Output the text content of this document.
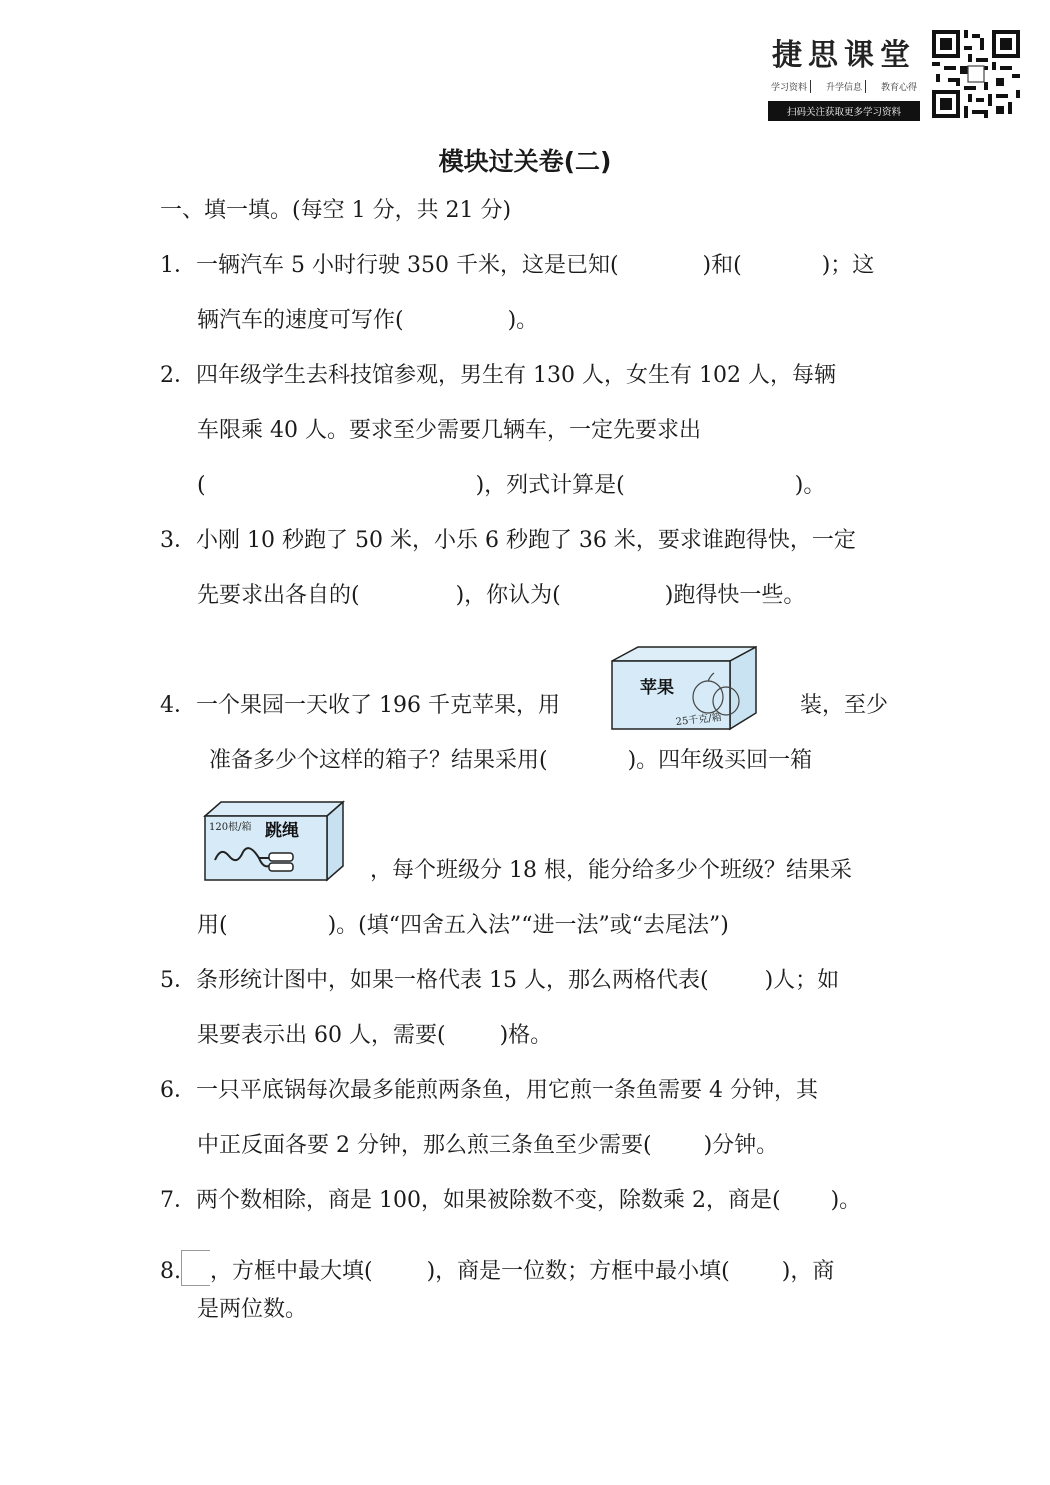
捷思课堂
学习资料	升学信息	教育心得
扫码关注获取更多学习资料
模块过关卷(二)
一、填一填。(每空 1 分，共 21 分)
1．一辆汽车 5 小时行驶 350 千米，这是已知(	)和(	)；这
辆汽车的速度可写作(	)。
2．四年级学生去科技馆参观，男生有 130 人，女生有 102 人，每辆
车限乘 40 人。要求至少需要几辆车，一定先要求出
(	)，列式计算是(	)。
3．小刚 10 秒跑了 50 米，小乐 6 秒跑了 36 米，要求谁跑得快，一定
先要求出各自的(	)，你认为(	)跑得快一些。
4．一个果园一天收了 196 千克苹果，用
苹果
25千克/箱
装，至少
准备多少个这样的箱子？结果采用(	)。四年级买回一箱
120根/箱 跳绳
，每个班级分 18 根，能分给多少个班级？结果采
用(	)。(填“四舍五入法”“进一法”或“去尾法”)
5．条形统计图中，如果一格代表 15 人，那么两格代表(	)人；如
果要表示出 60 人，需要( )格。
6．一只平底锅每次最多能煎两条鱼，用它煎一条鱼需要 4 分钟，其
中正反面各要 2 分钟，那么煎三条鱼至少需要( )分钟。
7．两个数相除，商是 100，如果被除数不变，除数乘 2，商是( )。
8. ，方框中最大填( )，商是一位数；方框中最小填( )，商
是两位数。
